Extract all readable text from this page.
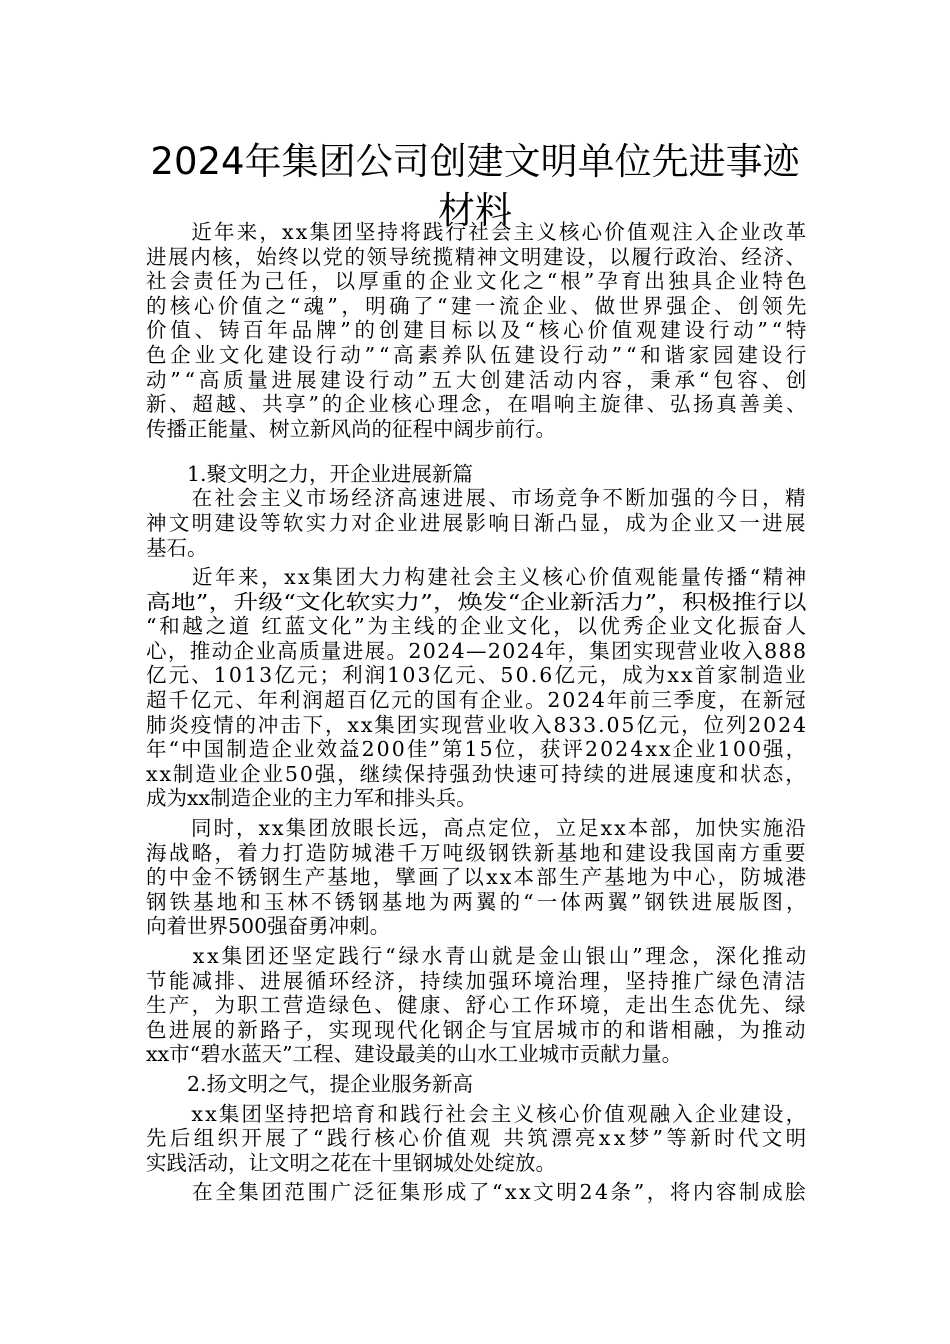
2024年集团公司创建文明单位先进事迹
材料
　　近年来，xx集团坚持将践行社会主义核心价值观注入企业改革
进展内核，始终以党的领导统揽精神文明建设，以履行政治、经济、
社会责任为己任，以厚重的企业文化之“根”孕育出独具企业特色
的核心价值之“魂”，明确了“建一流企业、做世界强企、创领先
价值、铸百年品牌”的创建目标以及“核心价值观建设行动”“特
色企业文化建设行动”“高素养队伍建设行动”“和谐家园建设行
动”“高质量进展建设行动”五大创建活动内容，秉承“包容、创
新、超越、共享”的企业核心理念，在唱响主旋律、弘扬真善美、
传播正能量、树立新风尚的征程中阔步前行。
　　1.聚文明之力，开企业进展新篇
　　在社会主义市场经济高速进展、市场竞争不断加强的今日，精
神文明建设等软实力对企业进展影响日渐凸显，成为企业又一进展
基石。
　　近年来，xx集团大力构建社会主义核心价值观能量传播“精神
高地”，升级“文化软实力”，焕发“企业新活力”，积极推行以
“和越之道 红蓝文化”为主线的企业文化，以优秀企业文化振奋人
心，推动企业高质量进展。2024—2024年，集团实现营业收入888
亿元、1013亿元；利润103亿元、50.6亿元，成为xx首家制造业
超千亿元、年利润超百亿元的国有企业。2024年前三季度，在新冠
肺炎疫情的冲击下，xx集团实现营业收入833.05亿元，位列2024
年“中国制造企业效益200佳”第15位，获评2024xx企业100强，
xx制造业企业50强，继续保持强劲快速可持续的进展速度和状态，
成为xx制造企业的主力军和排头兵。
　　同时，xx集团放眼长远，高点定位，立足xx本部，加快实施沿
海战略，着力打造防城港千万吨级钢铁新基地和建设我国南方重要
的中金不锈钢生产基地，擘画了以xx本部生产基地为中心，防城港
钢铁基地和玉林不锈钢基地为两翼的“一体两翼”钢铁进展版图，
向着世界500强奋勇冲刺。
　　xx集团还坚定践行“绿水青山就是金山银山”理念，深化推动
节能减排、进展循环经济，持续加强环境治理，坚持推广绿色清洁
生产，为职工营造绿色、健康、舒心工作环境，走出生态优先、绿
色进展的新路子，实现现代化钢企与宜居城市的和谐相融，为推动
xx市“碧水蓝天”工程、建设最美的山水工业城市贡献力量。
　　2.扬文明之气，提企业服务新高
　　xx集团坚持把培育和践行社会主义核心价值观融入企业建设，
先后组织开展了“践行核心价值观 共筑漂亮xx梦”等新时代文明
实践活动，让文明之花在十里钢城处处绽放。
　　在全集团范围广泛征集形成了“xx文明24条”，将内容制成脍
